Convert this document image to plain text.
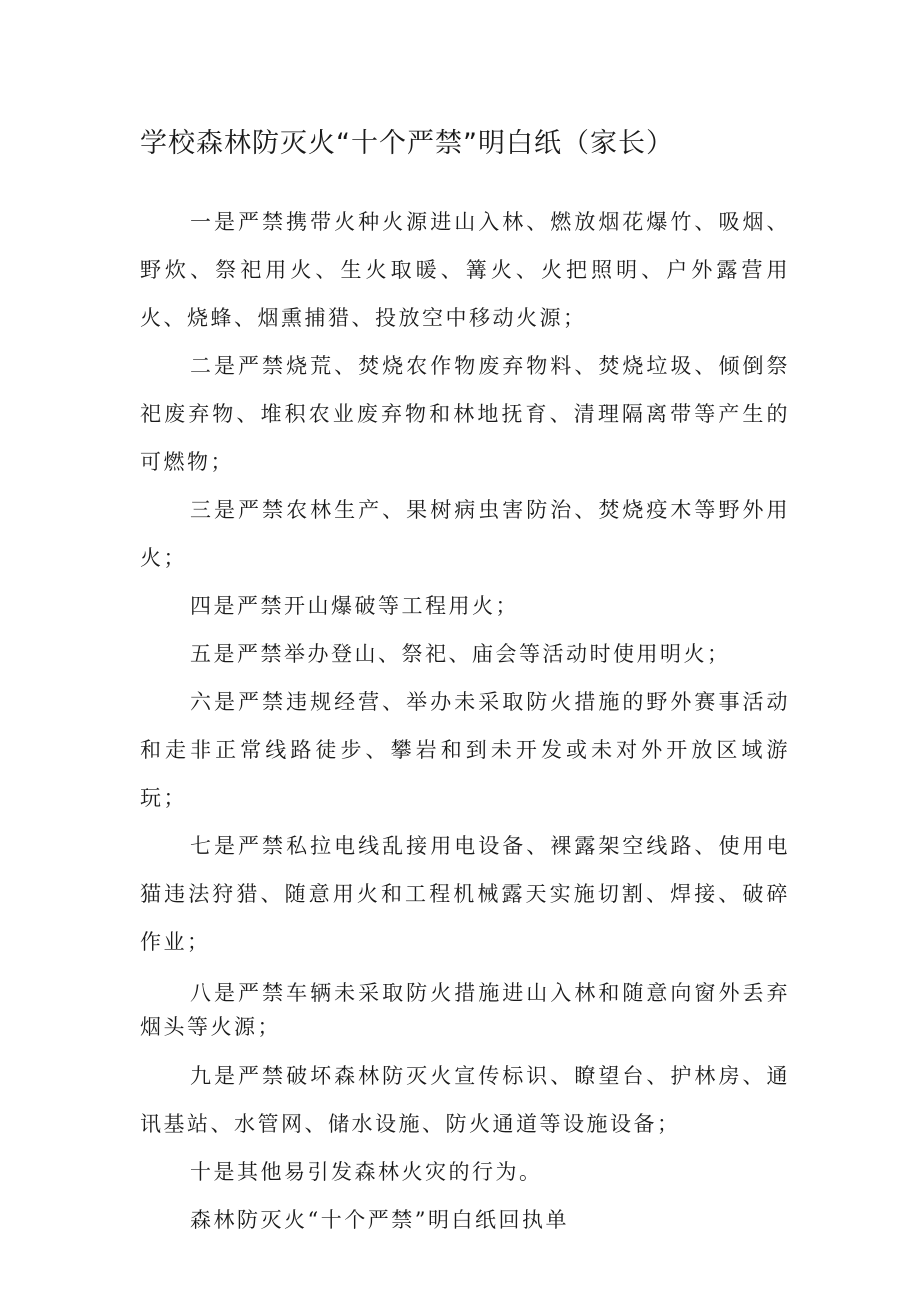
学校森林防灭火“十个严禁”明白纸（家长）

一是严禁携带火种火源进山入林、燃放烟花爆竹、吸烟、野炊、祭祀用火、生火取暖、篝火、火把照明、户外露营用火、烧蜂、烟熏捕猎、投放空中移动火源；

二是严禁烧荒、焚烧农作物废弃物料、焚烧垃圾、倾倒祭祀废弃物、堆积农业废弃物和林地抚育、清理隔离带等产生的可燃物；

三是严禁农林生产、果树病虫害防治、焚烧疫木等野外用火；

四是严禁开山爆破等工程用火；

五是严禁举办登山、祭祀、庙会等活动时使用明火；

六是严禁违规经营、举办未采取防火措施的野外赛事活动和走非正常线路徒步、攀岩和到未开发或未对外开放区域游玩；

七是严禁私拉电线乱接用电设备、裸露架空线路、使用电猫违法狩猎、随意用火和工程机械露天实施切割、焊接、破碎作业；

八是严禁车辆未采取防火措施进山入林和随意向窗外丢弃烟头等火源；

九是严禁破坏森林防灭火宣传标识、瞭望台、护林房、通讯基站、水管网、储水设施、防火通道等设施设备；

十是其他易引发森林火灾的行为。

森林防灭火“十个严禁”明白纸回执单
